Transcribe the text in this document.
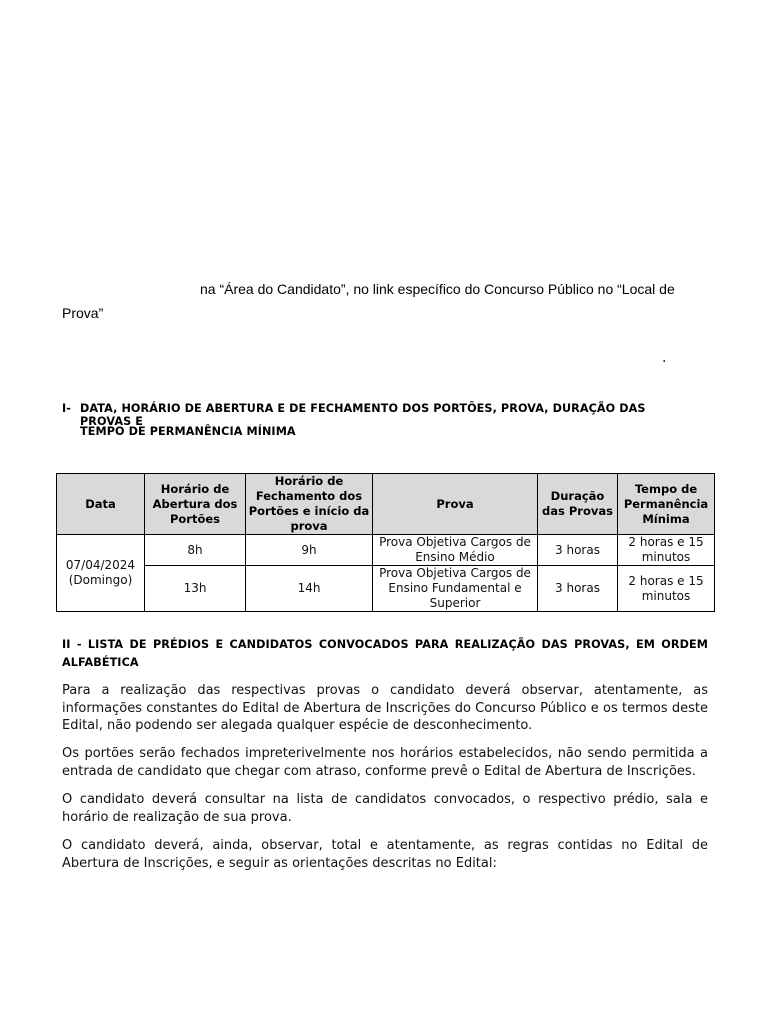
na “Área do Candidato”, no link específico do Concurso Público no “Local de
Prova”
.
I- DATA, HORÁRIO DE ABERTURA E DE FECHAMENTO DOS PORTÕES, PROVA, DURAÇÃO DAS PROVAS E
TEMPO DE PERMANÊNCIA MÍNIMA
Data	Horário de Abertura dos Portões	Horário de Fechamento dos Portões e início da prova	Prova	Duração das Provas	Tempo de Permanência Mínima

07/04/2024
(Domingo)	8h	9h	Prova Objetiva Cargos de Ensino Médio	3 horas	2 horas e 15 minutos
	13h	14h	Prova Objetiva Cargos de Ensino Fundamental e Superior	3 horas	2 horas e 15 minutos
II - LISTA DE PRÉDIOS E CANDIDATOS CONVOCADOS PARA REALIZAÇÃO DAS PROVAS, EM ORDEM ALFABÉTICA
Para a realização das respectivas provas o candidato deverá observar, atentamente, as informações constantes do Edital de Abertura de Inscrições do Concurso Público e os termos deste Edital, não podendo ser alegada qualquer espécie de desconhecimento.
Os portões serão fechados impreterivelmente nos horários estabelecidos, não sendo permitida a entrada de candidato que chegar com atraso, conforme prevê o Edital de Abertura de Inscrições.
O candidato deverá consultar na lista de candidatos convocados, o respectivo prédio, sala e horário de realização de sua prova.
O candidato deverá, ainda, observar, total e atentamente, as regras contidas no Edital de Abertura de Inscrições, e seguir as orientações descritas no Edital:
